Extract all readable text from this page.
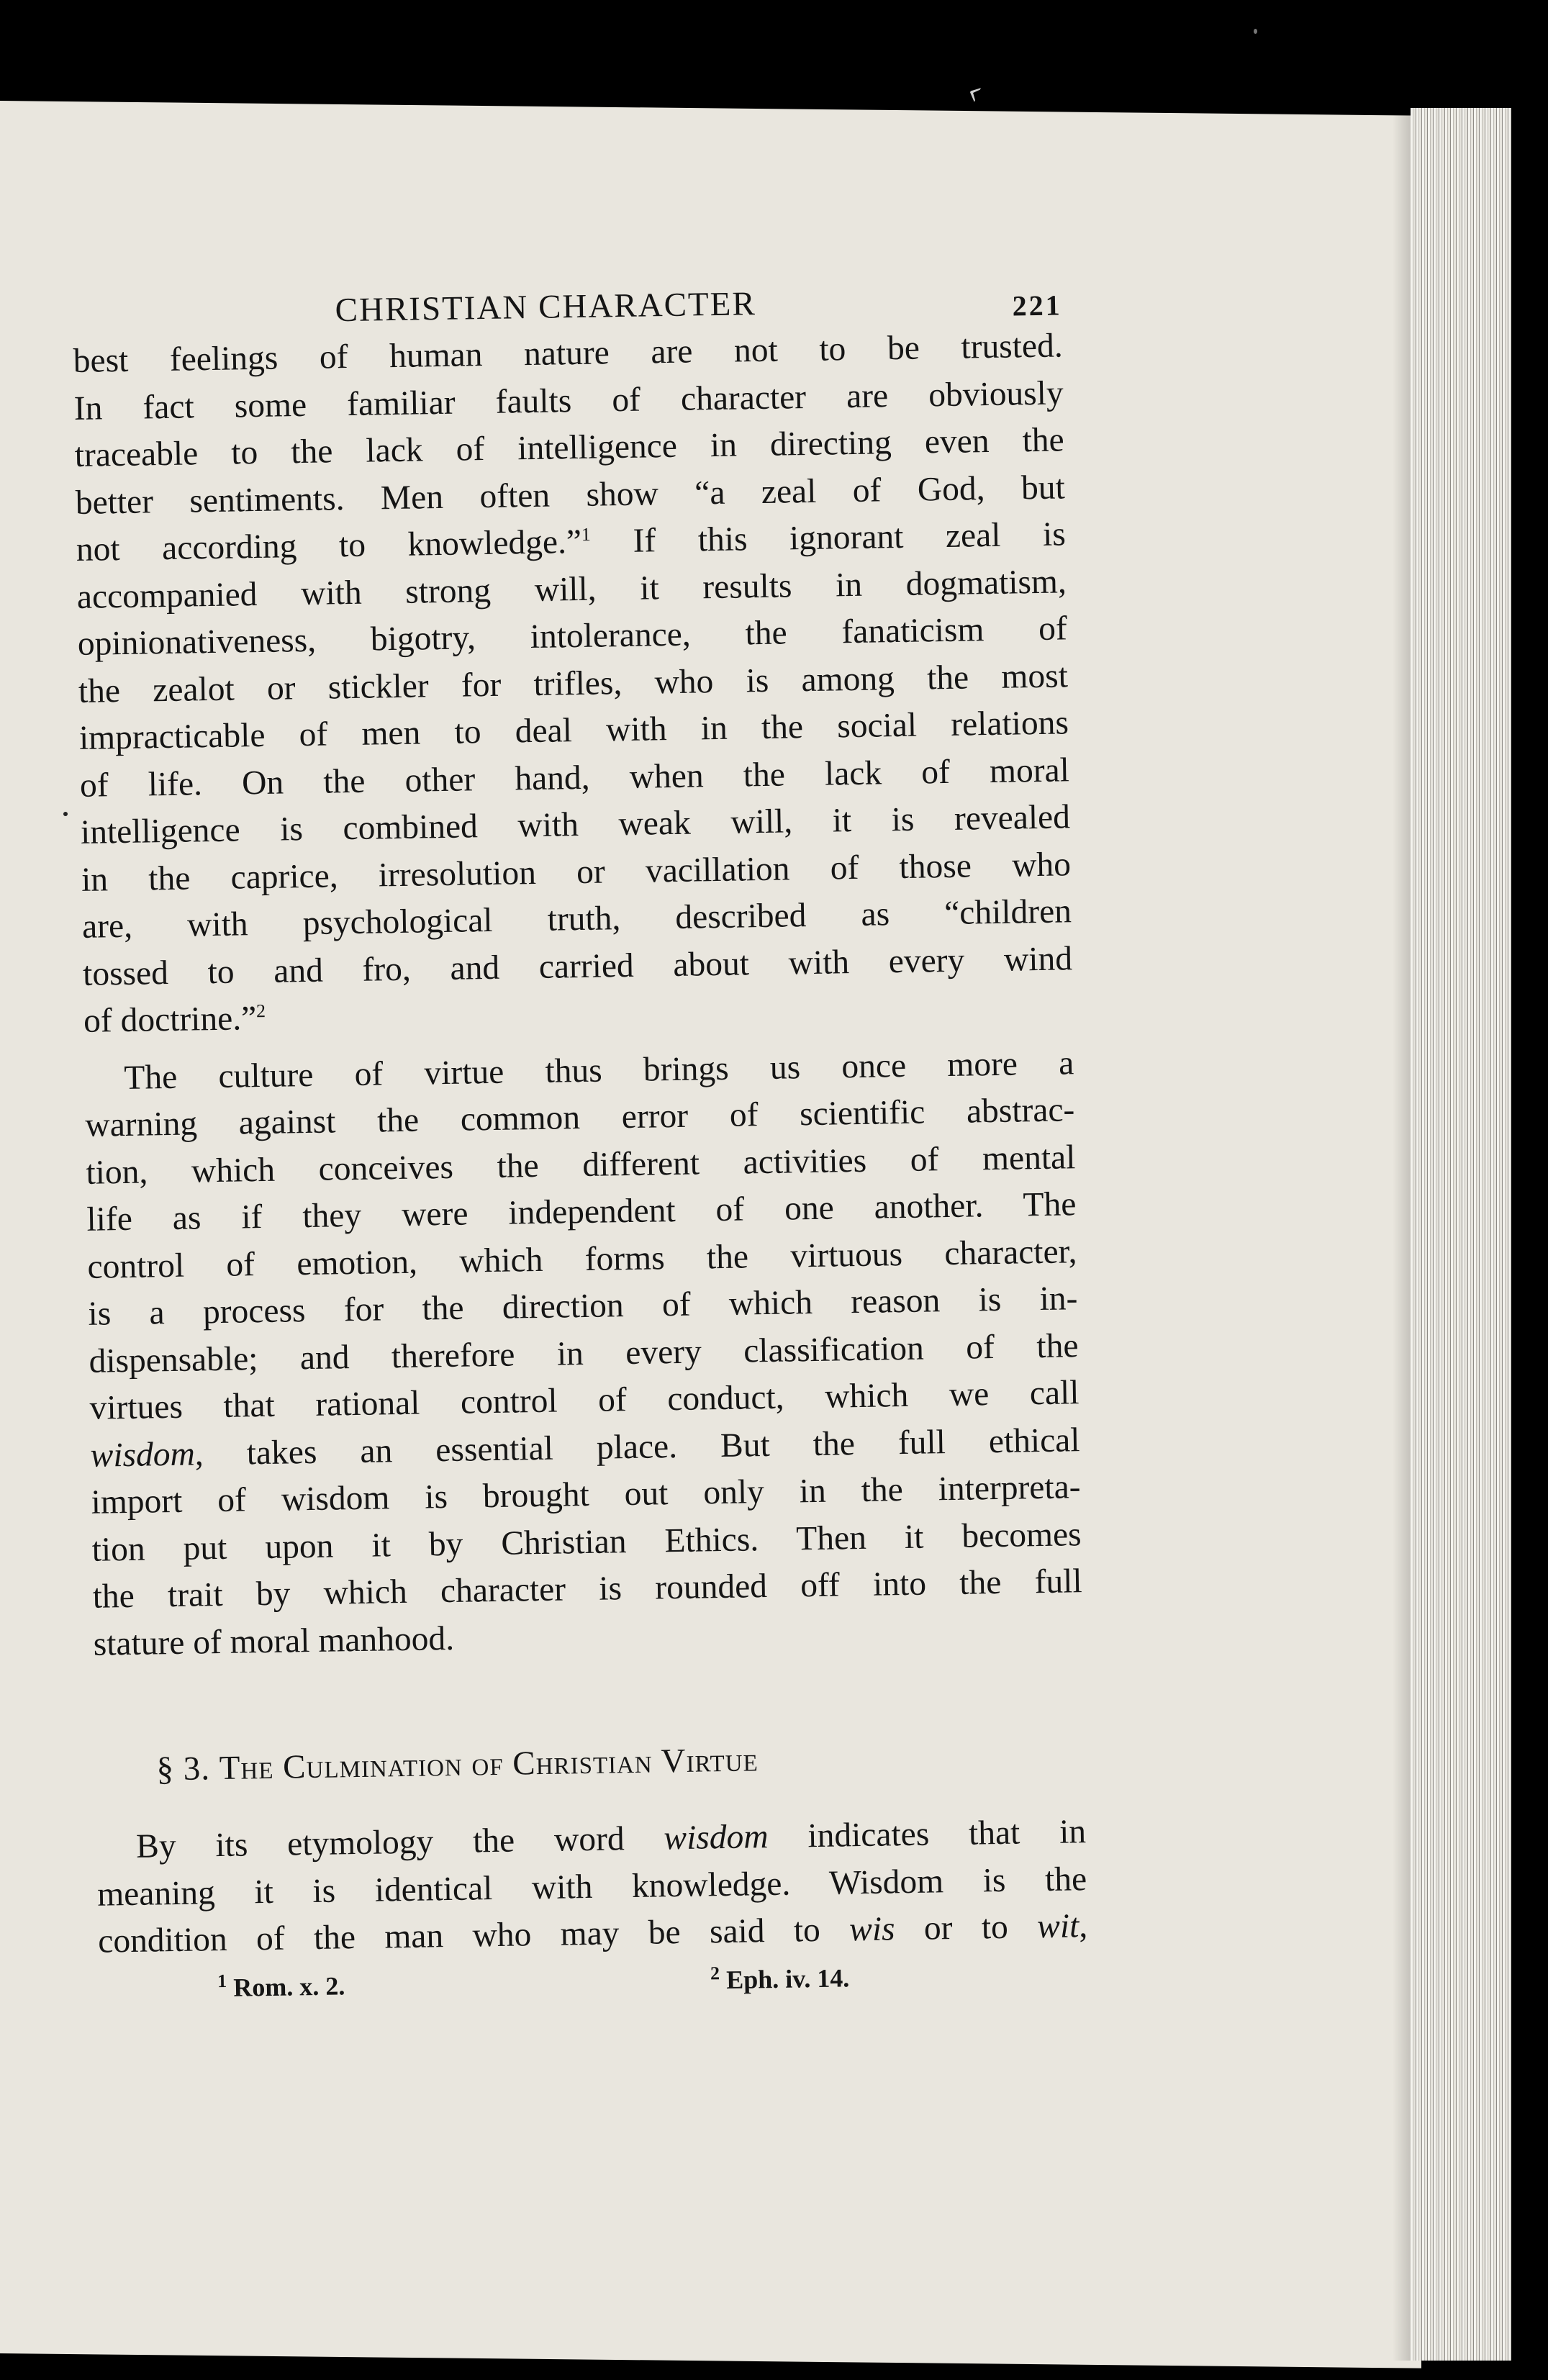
‹
CHRISTIAN CHARACTER	221

best feelings of human nature are not to be trusted.
In fact some familiar faults of character are obviously
traceable to the lack of intelligence in directing even the
better sentiments. Men often show “a zeal of God, but
not according to knowledge.”$^1$ If this ignorant zeal is
accompanied with strong will, it results in dogmatism,
opinionativeness, bigotry, intolerance, the fanaticism of
the zealot or stickler for trifles, who is among the most
impracticable of men to deal with in the social relations
of life. On the other hand, when the lack of moral
intelligence is combined with weak will, it is revealed
in the caprice, irresolution or vacillation of those who
are, with psychological truth, described as “children
tossed to and fro, and carried about with every wind
of doctrine.”$^2$

The culture of virtue thus brings us once more a
warning against the common error of scientific abstrac-
tion, which conceives the different activities of mental
life as if they were independent of one another. The
control of emotion, which forms the virtuous character,
is a process for the direction of which reason is in-
dispensable; and therefore in every classification of the
virtues that rational control of conduct, which we call
wisdom, takes an essential place. But the full ethical
import of wisdom is brought out only in the interpreta-
tion put upon it by Christian Ethics. Then it becomes
the trait by which character is rounded off into the full
stature of moral manhood.

§ 3. The Culmination of Christian Virtue

By its etymology the word wisdom indicates that in
meaning it is identical with knowledge. Wisdom is the
condition of the man who may be said to wis or to wit,

$^1$ Rom. x. 2.	$^2$ Eph. iv. 14.
